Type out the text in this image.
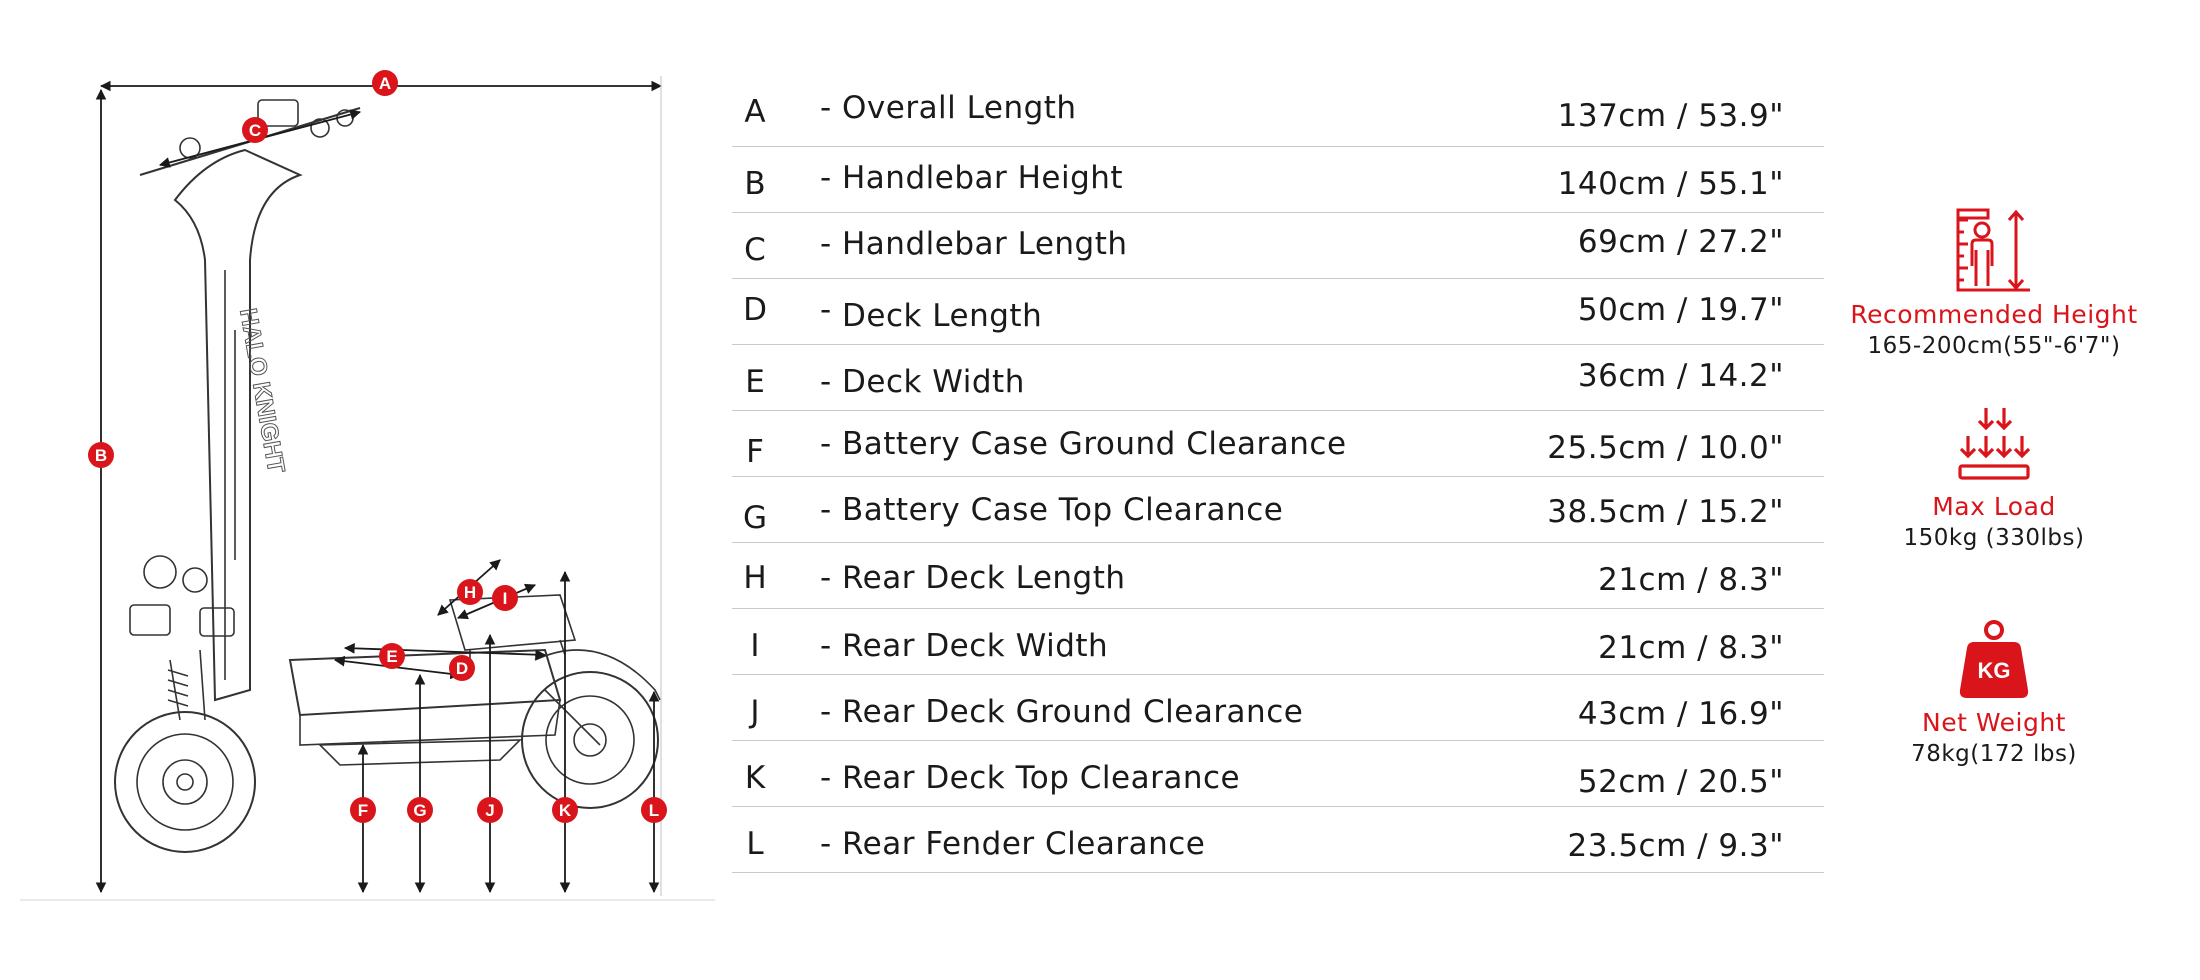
HALO KNIGHT
A
B
C
D
E
F	G
H I
J	K	L
A	- Overall Length	137cm / 53.9"
B	- Handlebar Height	140cm / 55.1"
C	- Handlebar Length	69cm / 27.2"
D	- Deck Length	50cm / 19.7"
E	- Deck Width	36cm / 14.2"
F	- Battery Case Ground Clearance	25.5cm / 10.0"
G	- Battery Case Top Clearance	38.5cm / 15.2"
H	- Rear Deck Length	21cm / 8.3"
I	- Rear Deck Width	21cm / 8.3"
J	- Rear Deck Ground Clearance	43cm / 16.9"
K	- Rear Deck Top Clearance	52cm / 20.5"
L	- Rear Fender Clearance	23.5cm / 9.3"
Recommended Height
165-200cm(55"-6'7")
Max Load
150kg (330lbs)
KG
Net Weight
78kg(172 lbs)
